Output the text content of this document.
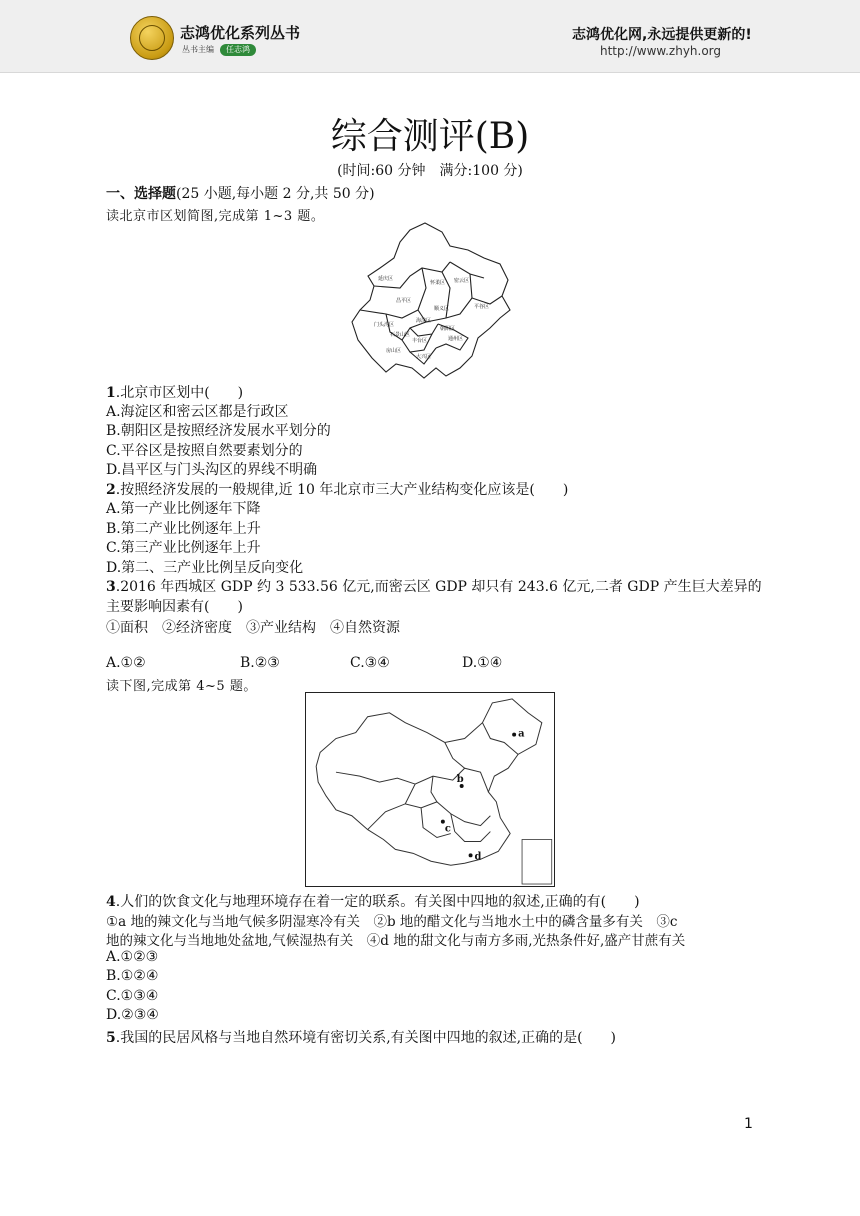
志鸿优化系列丛书
丛书主编	任志鸿
志鸿优化网,永远提供更新的!
http://www.zhyh.org
综合测评(B)
(时间:60 分钟　满分:100 分)
一、选择题(25 小题,每小题 2 分,共 50 分)
读北京市区划简图,完成第 1~3 题。
延庆区
怀柔区 密云区
昌平区
顺义区	平谷区
门头沟区
海淀区
朝阳区
石景山区
丰台区	通州区
房山区
大兴区
1.北京市区划中(　　)
A.海淀区和密云区都是行政区
B.朝阳区是按照经济发展水平划分的
C.平谷区是按照自然要素划分的
D.昌平区与门头沟区的界线不明确
2.按照经济发展的一般规律,近 10 年北京市三大产业结构变化应该是(　　)
A.第一产业比例逐年下降
B.第二产业比例逐年上升
C.第三产业比例逐年上升
D.第二、三产业比例呈反向变化
3.2016 年西城区 GDP 约 3 533.56 亿元,而密云区 GDP 却只有 243.6 亿元,二者 GDP 产生巨大差异的
主要影响因素有(　　)
①面积　②经济密度　③产业结构　④自然资源
A.①②	B.②③	C.③④	D.①④
读下图,完成第 4~5 题。
a
b
c
d
4.人们的饮食文化与地理环境存在着一定的联系。有关图中四地的叙述,正确的有(　　)
①a 地的辣文化与当地气候多阴湿寒冷有关　②b 地的醋文化与当地水土中的磷含量多有关　③c
地的辣文化与当地地处盆地,气候湿热有关　④d 地的甜文化与南方多雨,光热条件好,盛产甘蔗有关
A.①②③
B.①②④
C.①③④
D.②③④
5.我国的民居风格与当地自然环境有密切关系,有关图中四地的叙述,正确的是(　　)
1
